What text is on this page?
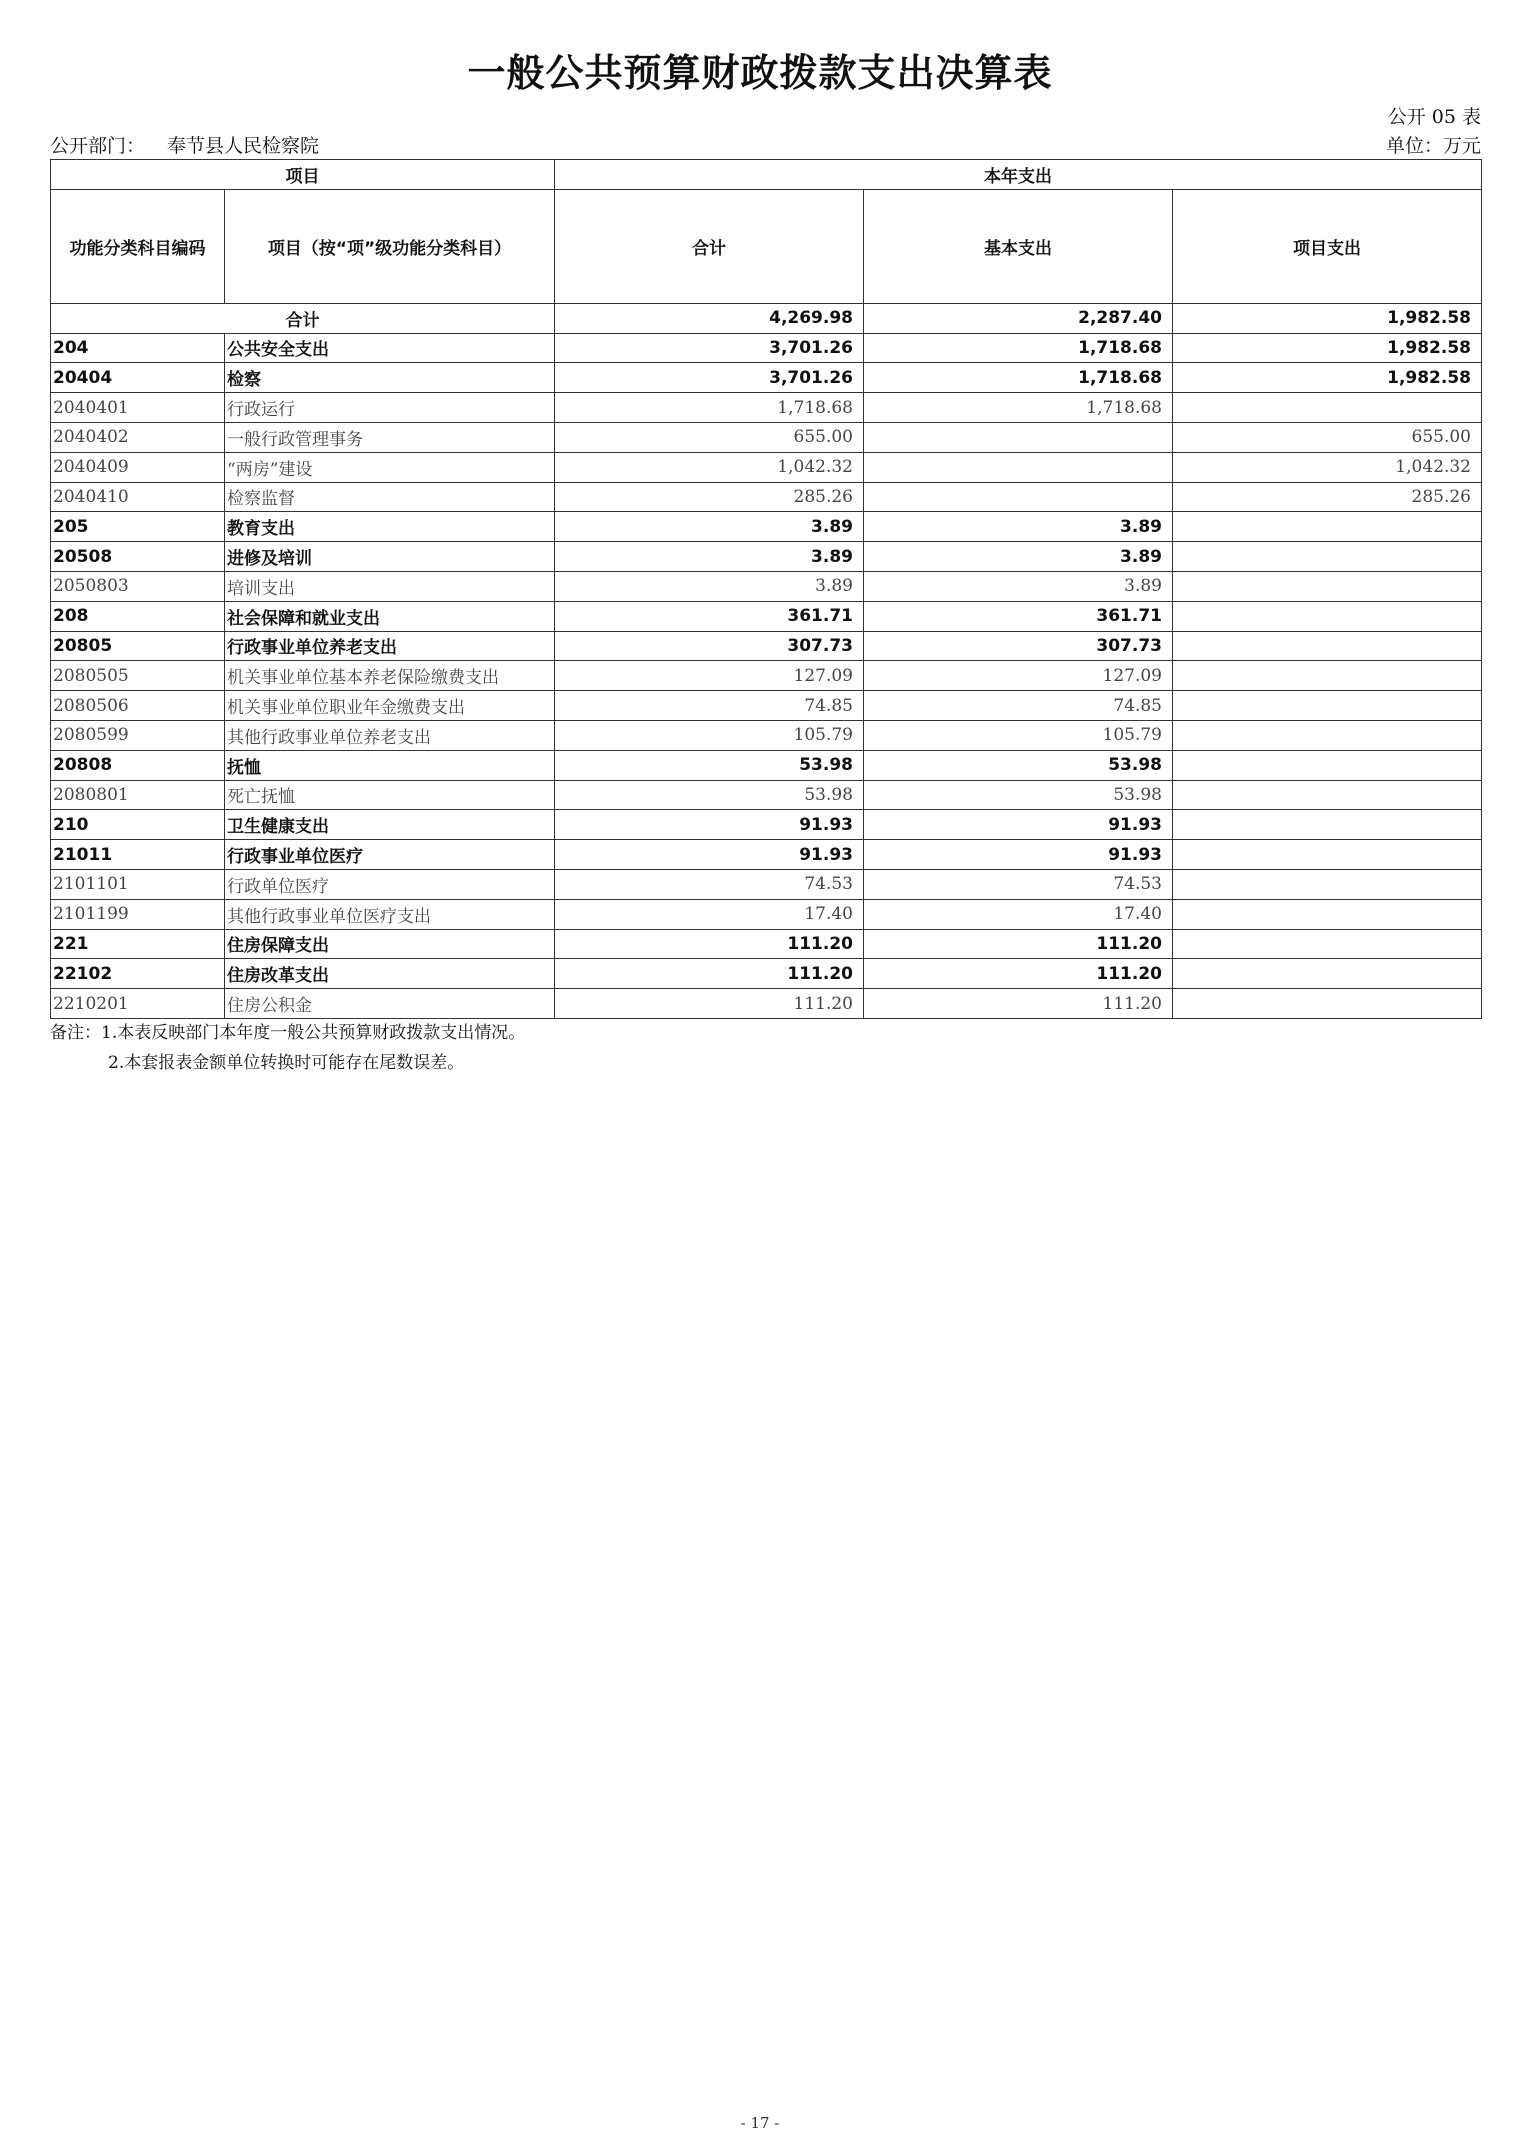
一般公共预算财政拨款支出决算表
公开 05 表
公开部门： 奉节县人民检察院	单位：万元
项目		本年支出		
功能分类科目编码	项目（按“项”级功能分类科目）	合计	基本支出	项目支出
合计		4,269.98	2,287.40	1,982.58
204	公共安全支出	3,701.26	1,718.68	1,982.58
20404	检察	3,701.26	1,718.68	1,982.58
2040401	行政运行	1,718.68	1,718.68	
2040402	一般行政管理事务	655.00		655.00
2040409	“两房”建设	1,042.32		1,042.32
2040410	检察监督	285.26		285.26
205	教育支出	3.89	3.89	
20508	进修及培训	3.89	3.89	
2050803	培训支出	3.89	3.89	
208	社会保障和就业支出	361.71	361.71	
20805	行政事业单位养老支出	307.73	307.73	
2080505	机关事业单位基本养老保险缴费支出	127.09	127.09	
2080506	机关事业单位职业年金缴费支出	74.85	74.85	
2080599	其他行政事业单位养老支出	105.79	105.79	
20808	抚恤	53.98	53.98	
2080801	死亡抚恤	53.98	53.98	
210	卫生健康支出	91.93	91.93	
21011	行政事业单位医疗	91.93	91.93	
2101101	行政单位医疗	74.53	74.53	
2101199	其他行政事业单位医疗支出	17.40	17.40	
221	住房保障支出	111.20	111.20	
22102	住房改革支出	111.20	111.20	
2210201	住房公积金	111.20	111.20	
备注：1.本表反映部门本年度一般公共预算财政拨款支出情况。
2.本套报表金额单位转换时可能存在尾数误差。
- 17 -
